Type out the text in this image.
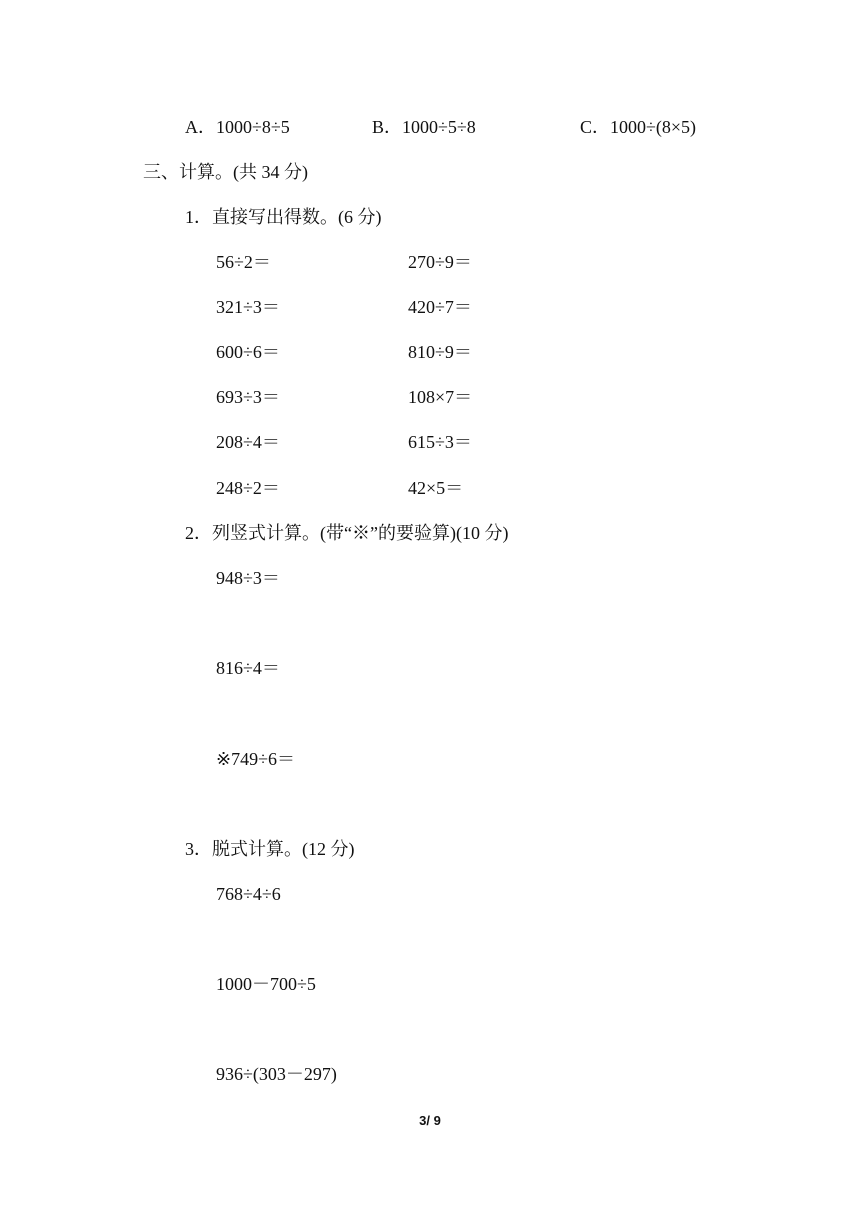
A．1000÷8÷5	B．1000÷5÷8	C．1000÷(8×5)
三、计算。(共 34 分)
1．直接写出得数。(6 分)
56÷2＝	270÷9＝
321÷3＝	420÷7＝
600÷6＝	810÷9＝
693÷3＝	108×7＝
208÷4＝	615÷3＝
248÷2＝	42×5＝
2．列竖式计算。(带“※”的要验算)(10 分)
948÷3＝
816÷4＝
※749÷6＝
3．脱式计算。(12 分)
768÷4÷6
1000－700÷5
936÷(303－297)
3/ 9
